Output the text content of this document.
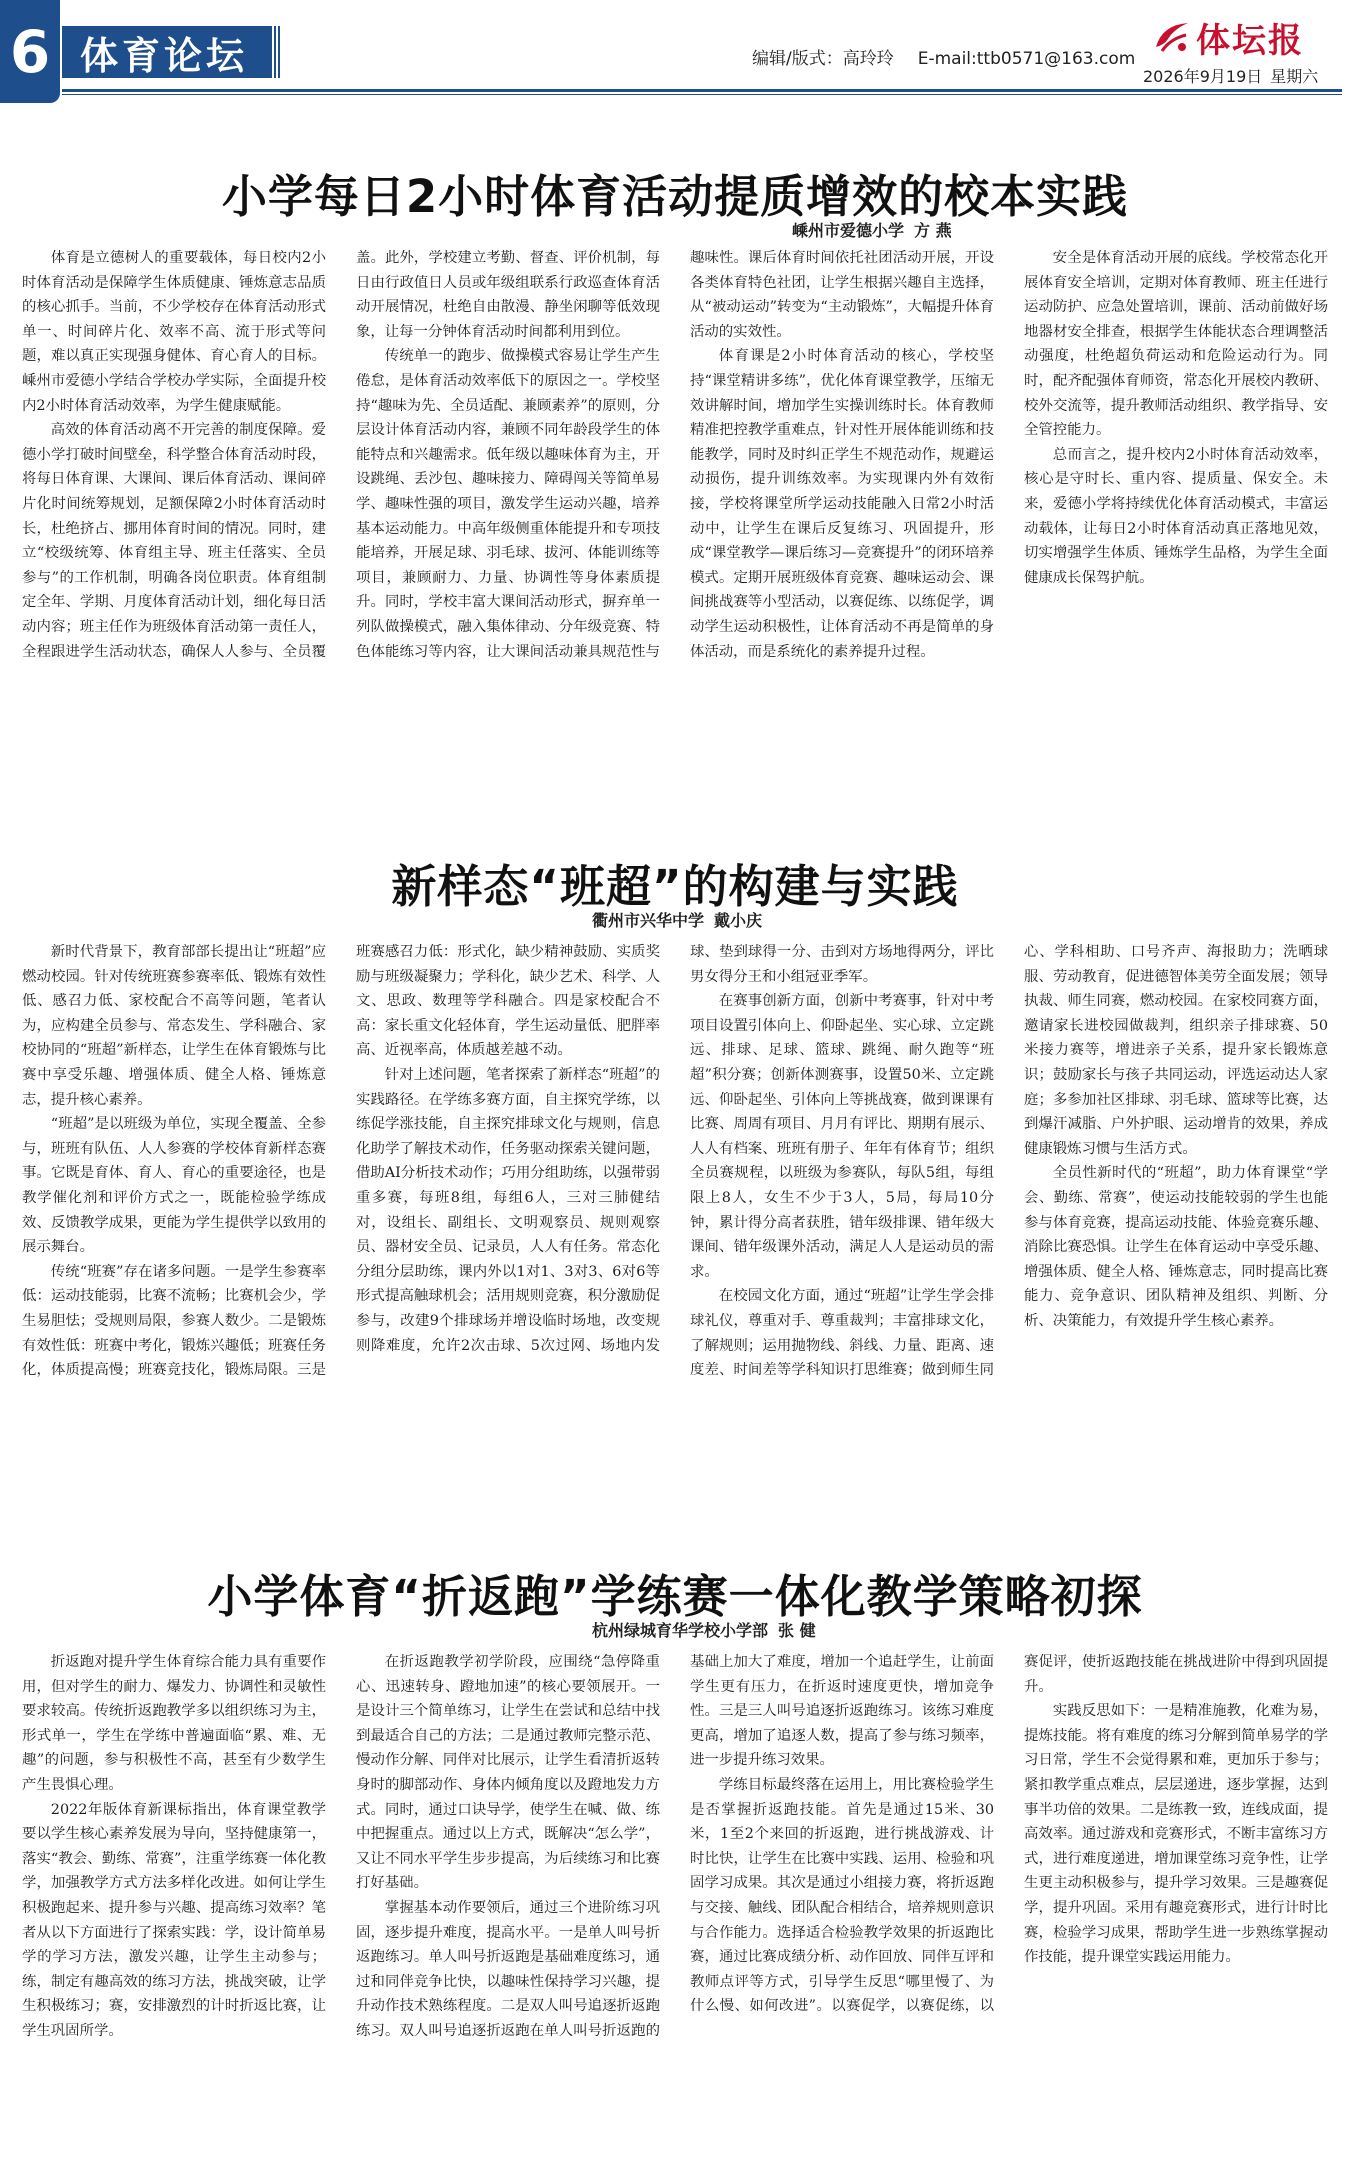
6 体育论坛	编辑/版式：高玲玲 E-mail:ttb0571@163.com	体坛报
2026年9月19日 星期六
小学每日2小时体育活动提质增效的校本实践
嵊州市爱德小学 方 燕

体育是立德树人的重要载体，每日校内2小时体育活动是保障学生体质健康、锤炼意志品质的核心抓手。当前，不少学校存在体育活动形式单一、时间碎片化、效率不高、流于形式等问题，难以真正实现强身健体、育心育人的目标。嵊州市爱德小学结合学校办学实际，全面提升校内2小时体育活动效率，为学生健康赋能。

高效的体育活动离不开完善的制度保障。爱德小学打破时间壁垒，科学整合体育活动时段，将每日体育课、大课间、课后体育活动、课间碎片化时间统筹规划，足额保障2小时体育活动时长，杜绝挤占、挪用体育时间的情况。同时，建立“校级统筹、体育组主导、班主任落实、全员参与”的工作机制，明确各岗位职责。体育组制定全年、学期、月度体育活动计划，细化每日活动内容；班主任作为班级体育活动第一责任人，全程跟进学生活动状态，确保人人参与、全员覆盖。此外，学校建立考勤、督查、评价机制，每日由行政值日人员或年级组联系行政巡查体育活动开展情况，杜绝自由散漫、静坐闲聊等低效现象，让每一分钟体育活动时间都利用到位。

传统单一的跑步、做操模式容易让学生产生倦怠，是体育活动效率低下的原因之一。学校坚持“趣味为先、全员适配、兼顾素养”的原则，分层设计体育活动内容，兼顾不同年龄段学生的体能特点和兴趣需求。低年级以趣味体育为主，开设跳绳、丢沙包、趣味接力、障碍闯关等简单易学、趣味性强的项目，激发学生运动兴趣，培养基本运动能力。中高年级侧重体能提升和专项技能培养，开展足球、羽毛球、拔河、体能训练等项目，兼顾耐力、力量、协调性等身体素质提升。同时，学校丰富大课间活动形式，摒弃单一列队做操模式，融入集体律动、分年级竞赛、特色体能练习等内容，让大课间活动兼具规范性与趣味性。课后体育时间依托社团活动开展，开设各类体育特色社团，让学生根据兴趣自主选择，从“被动运动”转变为“主动锻炼”，大幅提升体育活动的实效性。

体育课是2小时体育活动的核心，学校坚持“课堂精讲多练”，优化体育课堂教学，压缩无效讲解时间，增加学生实操训练时长。体育教师精准把控教学重难点，针对性开展体能训练和技能教学，同时及时纠正学生不规范动作，规避运动损伤，提升训练效率。为实现课内外有效衔接，学校将课堂所学运动技能融入日常2小时活动中，让学生在课后反复练习、巩固提升，形成“课堂教学—课后练习—竞赛提升”的闭环培养模式。定期开展班级体育竞赛、趣味运动会、课间挑战赛等小型活动，以赛促练、以练促学，调动学生运动积极性，让体育活动不再是简单的身体活动，而是系统化的素养提升过程。

安全是体育活动开展的底线。学校常态化开展体育安全培训，定期对体育教师、班主任进行运动防护、应急处置培训，课前、活动前做好场地器材安全排查，根据学生体能状态合理调整活动强度，杜绝超负荷运动和危险运动行为。同时，配齐配强体育师资，常态化开展校内教研、校外交流等，提升教师活动组织、教学指导、安全管控能力。

总而言之，提升校内2小时体育活动效率，核心是守时长、重内容、提质量、保安全。未来，爱德小学将持续优化体育活动模式，丰富运动载体，让每日2小时体育活动真正落地见效，切实增强学生体质、锤炼学生品格，为学生全面健康成长保驾护航。

新样态“班超”的构建与实践
衢州市兴华中学 戴小庆

新时代背景下，教育部部长提出让“班超”应燃动校园。针对传统班赛参赛率低、锻炼有效性低、感召力低、家校配合不高等问题，笔者认为，应构建全员参与、常态发生、学科融合、家校协同的“班超”新样态，让学生在体育锻炼与比赛中享受乐趣、增强体质、健全人格、锤炼意志，提升核心素养。

“班超”是以班级为单位，实现全覆盖、全参与，班班有队伍、人人参赛的学校体育新样态赛事。它既是育体、育人、育心的重要途径，也是教学催化剂和评价方式之一，既能检验学练成效、反馈教学成果，更能为学生提供学以致用的展示舞台。

传统“班赛”存在诸多问题。一是学生参赛率低：运动技能弱，比赛不流畅；比赛机会少，学生易胆怯；受规则局限，参赛人数少。二是锻炼有效性低：班赛中考化，锻炼兴趣低；班赛任务化，体质提高慢；班赛竞技化，锻炼局限。三是班赛感召力低：形式化，缺少精神鼓励、实质奖励与班级凝聚力；学科化，缺少艺术、科学、人文、思政、数理等学科融合。四是家校配合不高：家长重文化轻体育，学生运动量低、肥胖率高、近视率高，体质越差越不动。

针对上述问题，笔者探索了新样态“班超”的实践路径。在学练多赛方面，自主探究学练，以练促学涨技能，自主探究排球文化与规则，信息化助学了解技术动作，任务驱动探索关键问题，借助AI分析技术动作；巧用分组助练，以强带弱重多赛，每班8组，每组6人，三对三肺健结对，设组长、副组长、文明观察员、规则观察员、器材安全员、记录员，人人有任务。常态化分组分层助练，课内外以1对1、3对3、6对6等形式提高触球机会；活用规则竞赛，积分激励促参与，改建9个排球场并增设临时场地，改变规则降难度，允许2次击球、5次过网、场地内发球、垫到球得一分、击到对方场地得两分，评比男女得分王和小组冠亚季军。

在赛事创新方面，创新中考赛事，针对中考项目设置引体向上、仰卧起坐、实心球、立定跳远、排球、足球、篮球、跳绳、耐久跑等“班超”积分赛；创新体测赛事，设置50米、立定跳远、仰卧起坐、引体向上等挑战赛，做到课课有比赛、周周有项目、月月有评比、期期有展示、人人有档案、班班有册子、年年有体育节；组织全员赛规程，以班级为参赛队，每队5组，每组限上8人，女生不少于3人，5局，每局10分钟，累计得分高者获胜，错年级排课、错年级大课间、错年级课外活动，满足人人是运动员的需求。

在校园文化方面，通过“班超”让学生学会排球礼仪，尊重对手、尊重裁判；丰富排球文化，了解规则；运用抛物线、斜线、力量、距离、速度差、时间差等学科知识打思维赛；做到师生同心、学科相助、口号齐声、海报助力；洗晒球服、劳动教育，促进德智体美劳全面发展；领导执裁、师生同赛，燃动校园。在家校同赛方面，邀请家长进校园做裁判，组织亲子排球赛、50米接力赛等，增进亲子关系，提升家长锻炼意识；鼓励家长与孩子共同运动，评选运动达人家庭；多参加社区排球、羽毛球、篮球等比赛，达到爆汗减脂、户外护眼、运动增肯的效果，养成健康锻炼习惯与生活方式。

全员性新时代的“班超”，助力体育课堂“学会、勤练、常赛”，使运动技能较弱的学生也能参与体育竞赛，提高运动技能、体验竞赛乐趣、消除比赛恐惧。让学生在体育运动中享受乐趣、增强体质、健全人格、锤炼意志，同时提高比赛能力、竞争意识、团队精神及组织、判断、分析、决策能力，有效提升学生核心素养。

小学体育“折返跑”学练赛一体化教学策略初探
杭州绿城育华学校小学部 张 健

折返跑对提升学生体育综合能力具有重要作用，但对学生的耐力、爆发力、协调性和灵敏性要求较高。传统折返跑教学多以组织练习为主，形式单一，学生在学练中普遍面临“累、难、无趣”的问题，参与积极性不高，甚至有少数学生产生畏惧心理。

2022年版体育新课标指出，体育课堂教学要以学生核心素养发展为导向，坚持健康第一，落实“教会、勤练、常赛”，注重学练赛一体化教学，加强教学方式方法多样化改进。如何让学生积极跑起来、提升参与兴趣、提高练习效率？笔者从以下方面进行了探索实践：学，设计简单易学的学习方法，激发兴趣，让学生主动参与；练，制定有趣高效的练习方法，挑战突破，让学生积极练习；赛，安排激烈的计时折返比赛，让学生巩固所学。

在折返跑教学初学阶段，应围绕“急停降重心、迅速转身、蹬地加速”的核心要领展开。一是设计三个简单练习，让学生在尝试和总结中找到最适合自己的方法；二是通过教师完整示范、慢动作分解、同伴对比展示，让学生看清折返转身时的脚部动作、身体内倾角度以及蹬地发力方式。同时，通过口诀导学，使学生在喊、做、练中把握重点。通过以上方式，既解决“怎么学”，又让不同水平学生步步提高，为后续练习和比赛打好基础。

掌握基本动作要领后，通过三个进阶练习巩固，逐步提升难度，提高水平。一是单人叫号折返跑练习。单人叫号折返跑是基础难度练习，通过和同伴竞争比快，以趣味性保持学习兴趣，提升动作技术熟练程度。二是双人叫号追逐折返跑练习。双人叫号追逐折返跑在单人叫号折返跑的基础上加大了难度，增加一个追赶学生，让前面学生更有压力，在折返时速度更快，增加竞争性。三是三人叫号追逐折返跑练习。该练习难度更高，增加了追逐人数，提高了参与练习频率，进一步提升练习效果。

学练目标最终落在运用上，用比赛检验学生是否掌握折返跑技能。首先是通过15米、30米，1至2个来回的折返跑，进行挑战游戏、计时比快，让学生在比赛中实践、运用、检验和巩固学习成果。其次是通过小组接力赛，将折返跑与交接、触线、团队配合相结合，培养规则意识与合作能力。选择适合检验教学效果的折返跑比赛，通过比赛成绩分析、动作回放、同伴互评和教师点评等方式，引导学生反思“哪里慢了、为什么慢、如何改进”。以赛促学，以赛促练，以赛促评，使折返跑技能在挑战进阶中得到巩固提升。

实践反思如下：一是精准施教，化难为易，提炼技能。将有难度的练习分解到简单易学的学习日常，学生不会觉得累和难，更加乐于参与；紧扣教学重点难点，层层递进，逐步掌握，达到事半功倍的效果。二是练教一致，连线成面，提高效率。通过游戏和竞赛形式，不断丰富练习方式，进行难度递进，增加课堂练习竞争性，让学生更主动积极参与，提升学习效果。三是趣赛促学，提升巩固。采用有趣竞赛形式，进行计时比赛，检验学习成果，帮助学生进一步熟练掌握动作技能，提升课堂实践运用能力。
